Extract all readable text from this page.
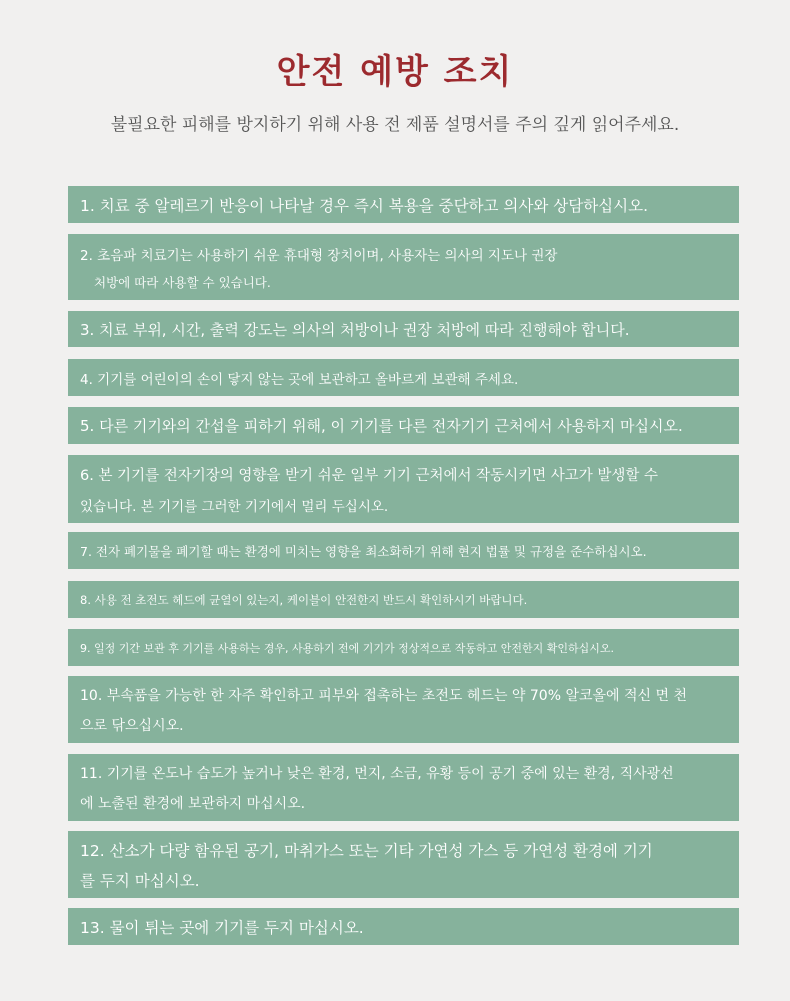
안전 예방 조치
불필요한 피해를 방지하기 위해 사용 전 제품 설명서를 주의 깊게 읽어주세요.
1. 치료 중 알레르기 반응이 나타날 경우 즉시 복용을 중단하고 의사와 상담하십시오.
2. 초음파 치료기는 사용하기 쉬운 휴대형 장치이며, 사용자는 의사의 지도나 권장
처방에 따라 사용할 수 있습니다.
3. 치료 부위, 시간, 출력 강도는 의사의 처방이나 권장 처방에 따라 진행해야 합니다.
4. 기기를 어린이의 손이 닿지 않는 곳에 보관하고 올바르게 보관해 주세요.
5. 다른 기기와의 간섭을 피하기 위해, 이 기기를 다른 전자기기 근처에서 사용하지 마십시오.
6. 본 기기를 전자기장의 영향을 받기 쉬운 일부 기기 근처에서 작동시키면 사고가 발생할 수
있습니다. 본 기기를 그러한 기기에서 멀리 두십시오.
7. 전자 폐기물을 폐기할 때는 환경에 미치는 영향을 최소화하기 위해 현지 법률 및 규정을 준수하십시오.
8. 사용 전 초전도 헤드에 균열이 있는지, 케이블이 안전한지 반드시 확인하시기 바랍니다.
9. 일정 기간 보관 후 기기를 사용하는 경우, 사용하기 전에 기기가 정상적으로 작동하고 안전한지 확인하십시오.
10. 부속품을 가능한 한 자주 확인하고 피부와 접촉하는 초전도 헤드는 약 70% 알코올에 적신 면 천
으로 닦으십시오.
11. 기기를 온도나 습도가 높거나 낮은 환경, 먼지, 소금, 유황 등이 공기 중에 있는 환경, 직사광선
에 노출된 환경에 보관하지 마십시오.
12. 산소가 다량 함유된 공기, 마취가스 또는 기타 가연성 가스 등 가연성 환경에 기기
를 두지 마십시오.
13. 물이 튀는 곳에 기기를 두지 마십시오.
